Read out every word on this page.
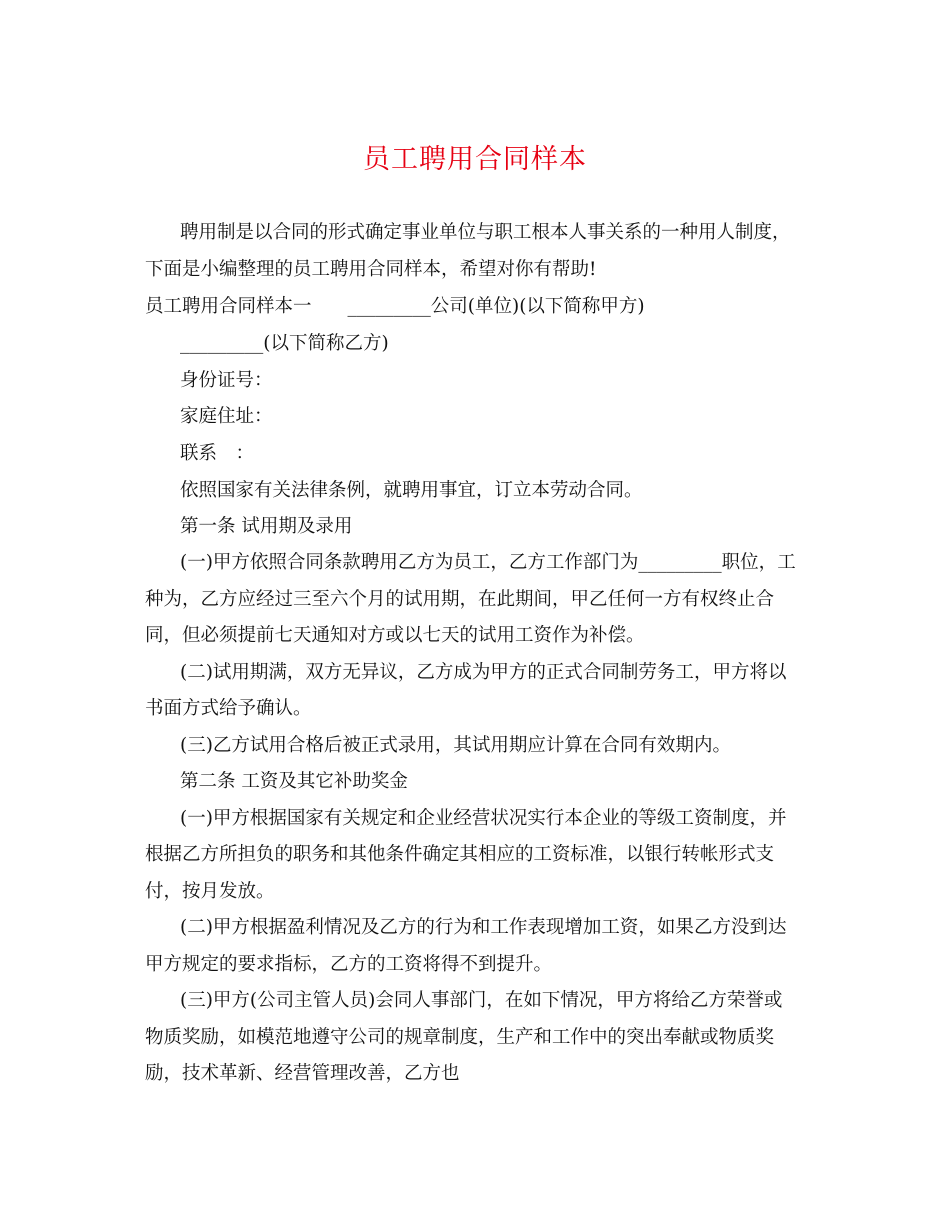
员工聘用合同样本
聘用制是以合同的形式确定事业单位与职工根本人事关系的一种用人制度，
下面是小编整理的员工聘用合同样本，希望对你有帮助!
员工聘用合同样本一 _________公司(单位)(以下简称甲方)
_________(以下简称乙方)
身份证号：
家庭住址：
联系　：
依照国家有关法律条例，就聘用事宜，订立本劳动合同。
第一条 试用期及录用
(一)甲方依照合同条款聘用乙方为员工，乙方工作部门为_________职位，工
种为，乙方应经过三至六个月的试用期，在此期间，甲乙任何一方有权终止合
同，但必须提前七天通知对方或以七天的试用工资作为补偿。
(二)试用期满，双方无异议，乙方成为甲方的正式合同制劳务工，甲方将以
书面方式给予确认。
(三)乙方试用合格后被正式录用，其试用期应计算在合同有效期内。
第二条 工资及其它补助奖金
(一)甲方根据国家有关规定和企业经营状况实行本企业的等级工资制度，并
根据乙方所担负的职务和其他条件确定其相应的工资标准，以银行转帐形式支
付，按月发放。
(二)甲方根据盈利情况及乙方的行为和工作表现增加工资，如果乙方没到达
甲方规定的要求指标，乙方的工资将得不到提升。
(三)甲方(公司主管人员)会同人事部门，在如下情况，甲方将给乙方荣誉或
物质奖励，如模范地遵守公司的规章制度，生产和工作中的突出奉献或物质奖
励，技术革新、经营管理改善，乙方也
